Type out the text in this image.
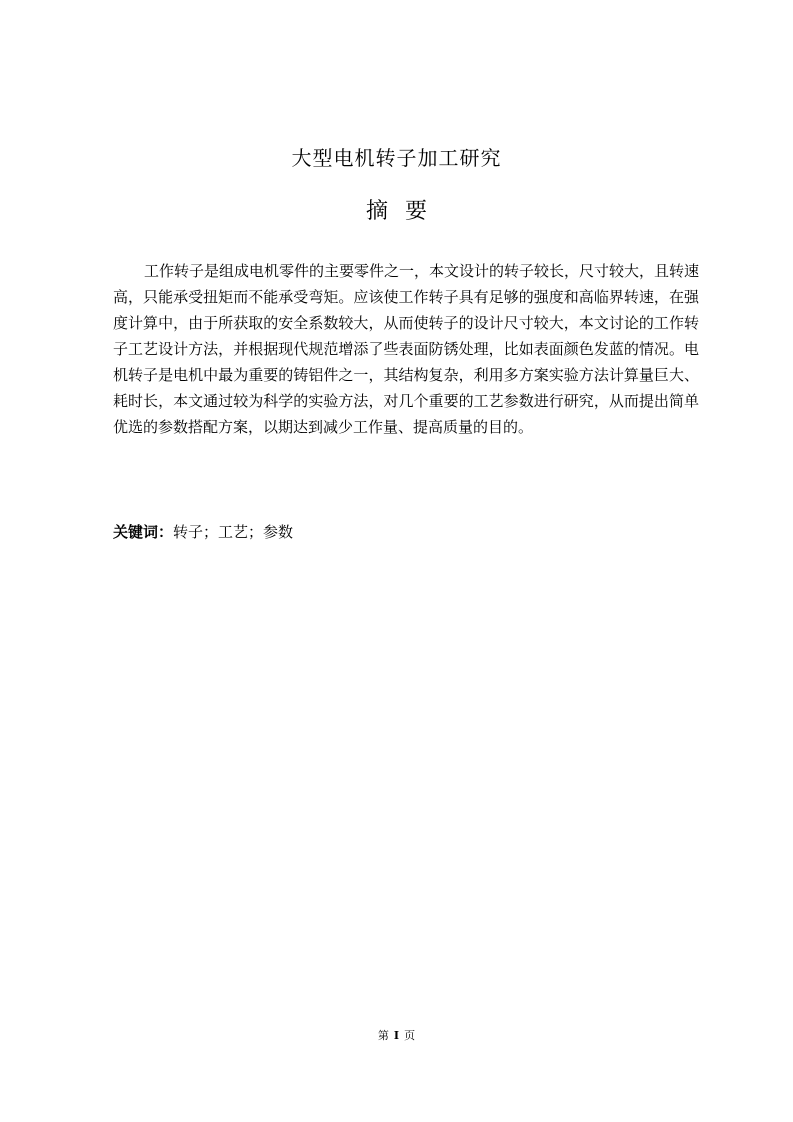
大型电机转子加工研究
摘 要

工作转子是组成电机零件的主要零件之一，本文设计的转子较长，尺寸较大，且转速高，只能承受扭矩而不能承受弯矩。应该使工作转子具有足够的强度和高临界转速，在强度计算中，由于所获取的安全系数较大，从而使转子的设计尺寸较大，本文讨论的工作转子工艺设计方法，并根据现代规范增添了些表面防锈处理，比如表面颜色发蓝的情况。电机转子是电机中最为重要的铸铝件之一，其结构复杂，利用多方案实验方法计算量巨大、耗时长，本文通过较为科学的实验方法，对几个重要的工艺参数进行研究，从而提出简单优选的参数搭配方案，以期达到减少工作量、提高质量的目的。

关键词：转子；工艺；参数
第 I 页
